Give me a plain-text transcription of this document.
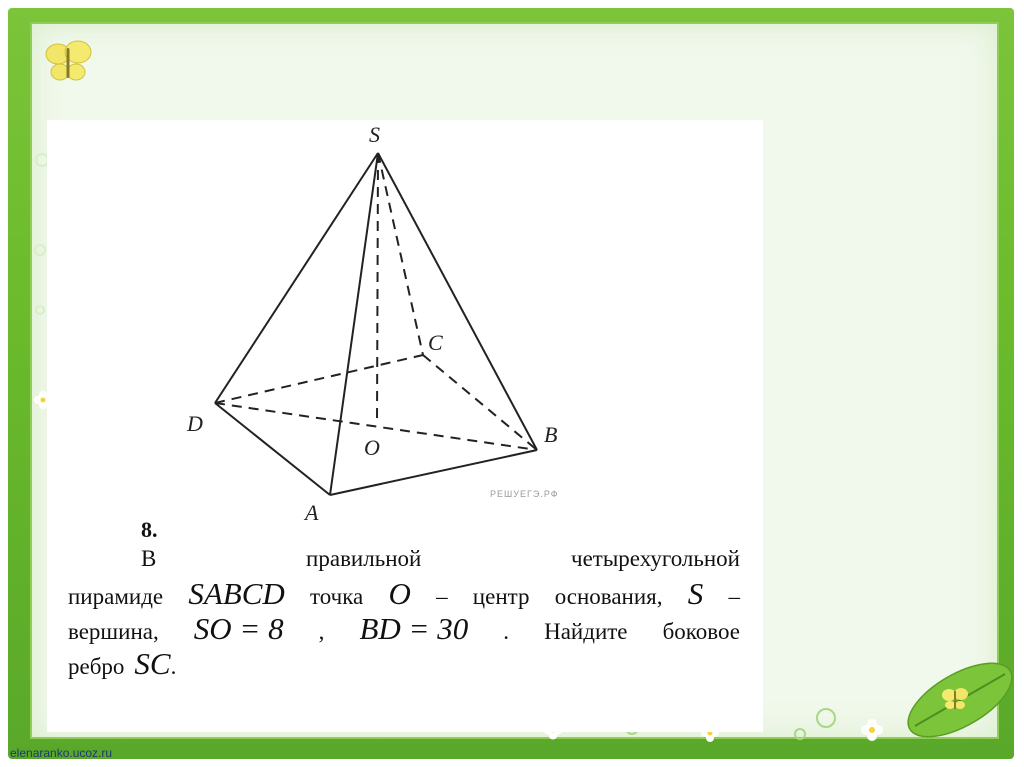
S
C
D
O
B
A
РЕШУЕГЭ.РФ
8.
В	правильной	четырехугольной
пирамиде SABCD точка O – центр основания, S –
вершина, SO = 8 , BD = 30 . Найдите боковое
ребро SC.
elenaranko.ucoz.ru
